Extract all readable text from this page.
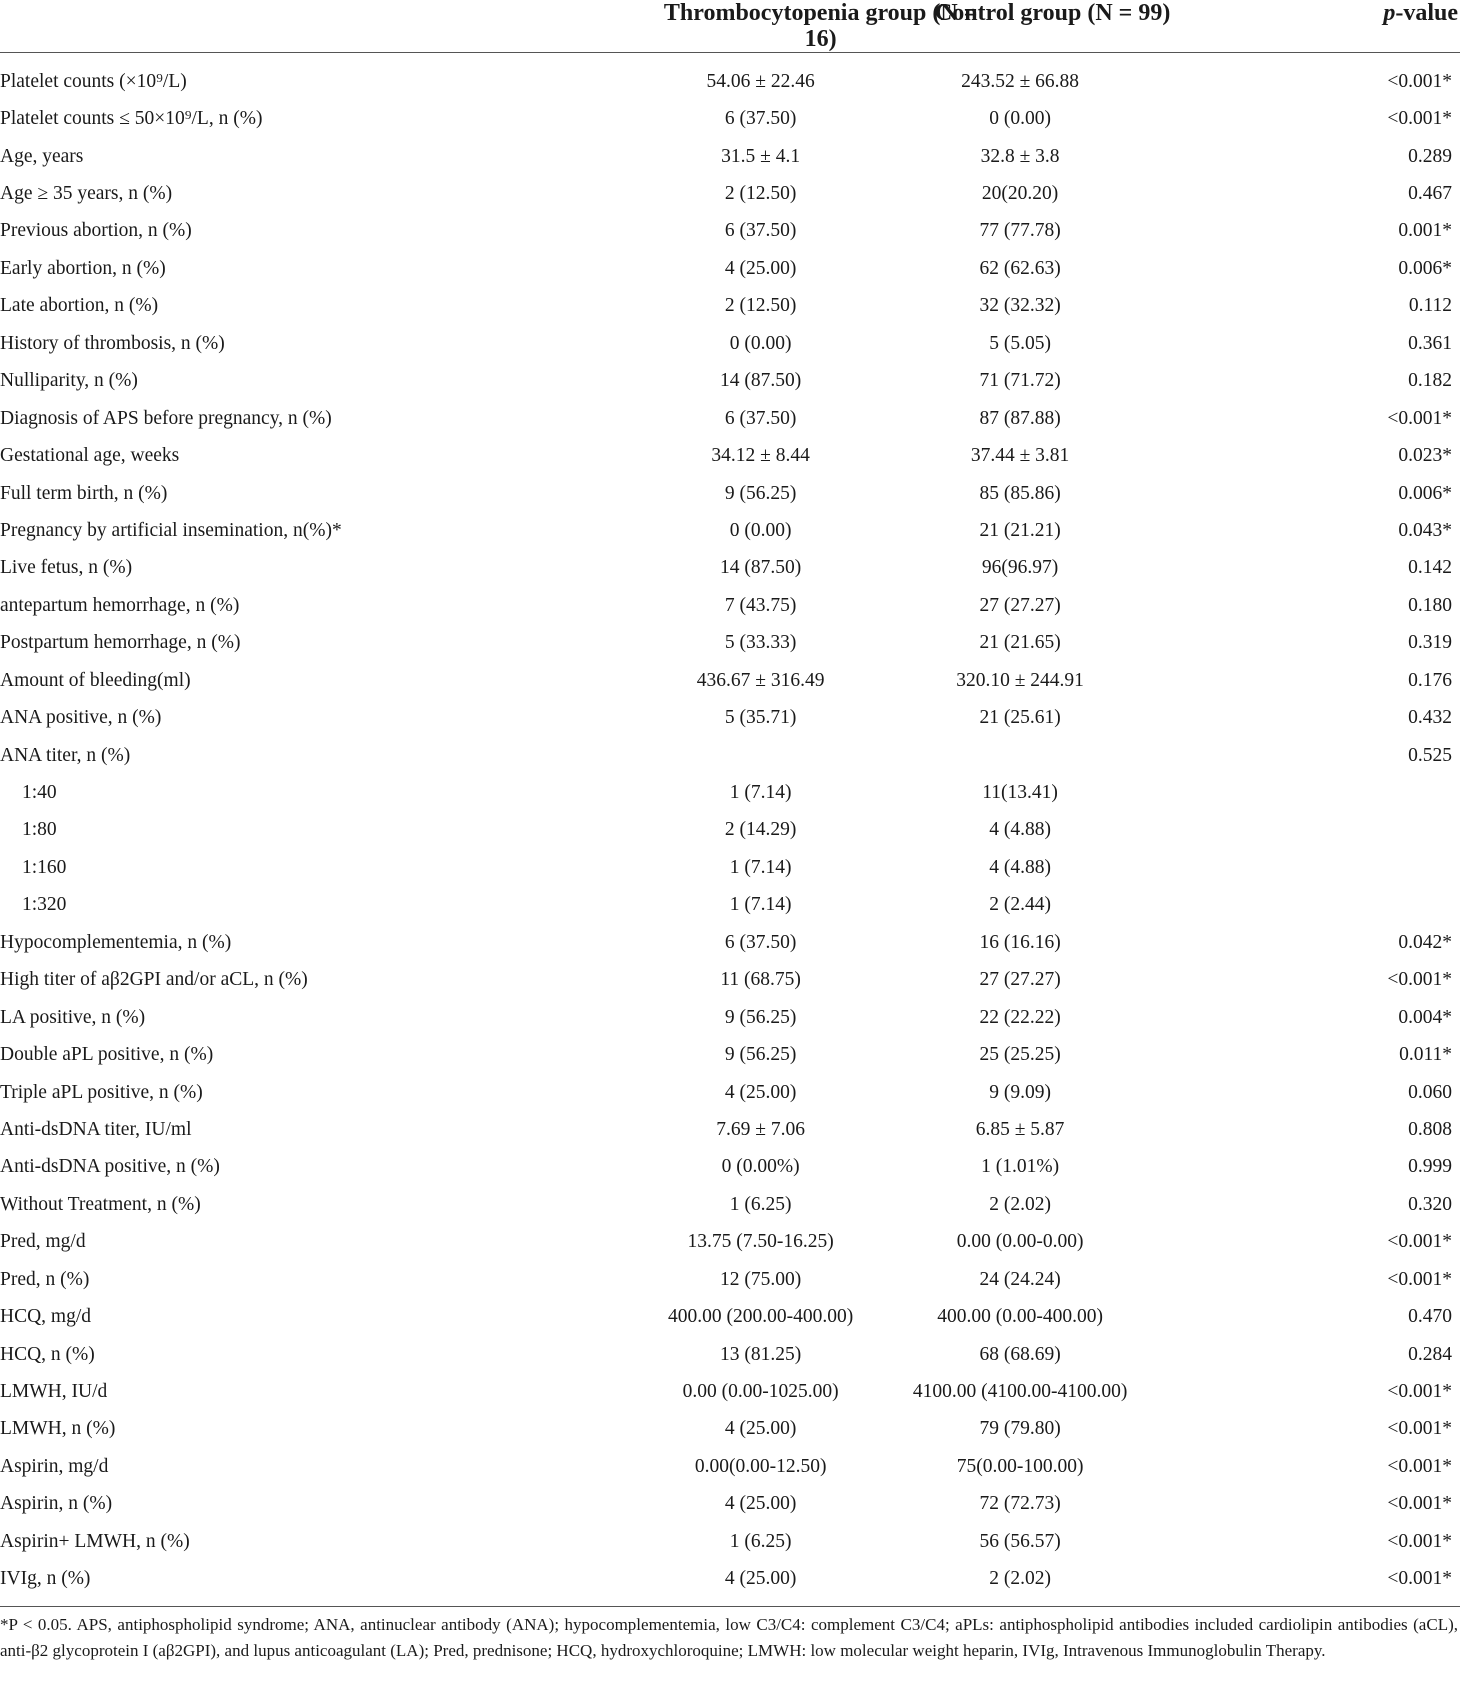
	Thrombocytopenia group (N = 16)	Control group (N = 99)	p-value
Platelet counts (×10⁹/L)	54.06 ± 22.46	243.52 ± 66.88	<0.001*
Platelet counts ≤ 50×10⁹/L, n (%)	6 (37.50)	0 (0.00)	<0.001*
Age, years	31.5 ± 4.1	32.8 ± 3.8	0.289
Age ≥ 35 years, n (%)	2 (12.50)	20(20.20)	0.467
Previous abortion, n (%)	6 (37.50)	77 (77.78)	0.001*
Early abortion, n (%)	4 (25.00)	62 (62.63)	0.006*
Late abortion, n (%)	2 (12.50)	32 (32.32)	0.112
History of thrombosis, n (%)	0 (0.00)	5 (5.05)	0.361
Nulliparity, n (%)	14 (87.50)	71 (71.72)	0.182
Diagnosis of APS before pregnancy, n (%)	6 (37.50)	87 (87.88)	<0.001*
Gestational age, weeks	34.12 ± 8.44	37.44 ± 3.81	0.023*
Full term birth, n (%)	9 (56.25)	85 (85.86)	0.006*
Pregnancy by artificial insemination, n(%)*	0 (0.00)	21 (21.21)	0.043*
Live fetus, n (%)	14 (87.50)	96(96.97)	0.142
antepartum hemorrhage, n (%)	7 (43.75)	27 (27.27)	0.180
Postpartum hemorrhage, n (%)	5 (33.33)	21 (21.65)	0.319
Amount of bleeding(ml)	436.67 ± 316.49	320.10 ± 244.91	0.176
ANA positive, n (%)	5 (35.71)	21 (25.61)	0.432
ANA titer, n (%)			0.525
1:40	1 (7.14)	11(13.41)	
1:80	2 (14.29)	4 (4.88)	
1:160	1 (7.14)	4 (4.88)	
1:320	1 (7.14)	2 (2.44)	
Hypocomplementemia, n (%)	6 (37.50)	16 (16.16)	0.042*
High titer of aβ2GPI and/or aCL, n (%)	11 (68.75)	27 (27.27)	<0.001*
LA positive, n (%)	9 (56.25)	22 (22.22)	0.004*
Double aPL positive, n (%)	9 (56.25)	25 (25.25)	0.011*
Triple aPL positive, n (%)	4 (25.00)	9 (9.09)	0.060
Anti-dsDNA titer, IU/ml	7.69 ± 7.06	6.85 ± 5.87	0.808
Anti-dsDNA positive, n (%)	0 (0.00%)	1 (1.01%)	0.999
Without Treatment, n (%)	1 (6.25)	2 (2.02)	0.320
Pred, mg/d	13.75 (7.50-16.25)	0.00 (0.00-0.00)	<0.001*
Pred, n (%)	12 (75.00)	24 (24.24)	<0.001*
HCQ, mg/d	400.00 (200.00-400.00)	400.00 (0.00-400.00)	0.470
HCQ, n (%)	13 (81.25)	68 (68.69)	0.284
LMWH, IU/d	0.00 (0.00-1025.00)	4100.00 (4100.00-4100.00)	<0.001*
LMWH, n (%)	4 (25.00)	79 (79.80)	<0.001*
Aspirin, mg/d	0.00(0.00-12.50)	75(0.00-100.00)	<0.001*
Aspirin, n (%)	4 (25.00)	72 (72.73)	<0.001*
Aspirin+ LMWH, n (%)	1 (6.25)	56 (56.57)	<0.001*
IVIg, n (%)	4 (25.00)	2 (2.02)	<0.001*
*P < 0.05. APS, antiphospholipid syndrome; ANA, antinuclear antibody (ANA); hypocomplementemia, low C3/C4: complement C3/C4; aPLs: antiphospholipid antibodies included cardiolipin antibodies (aCL), anti-β2 glycoprotein I (aβ2GPI), and lupus anticoagulant (LA); Pred, prednisone; HCQ, hydroxychloroquine; LMWH: low molecular weight heparin, IVIg, Intravenous Immunoglobulin Therapy.
